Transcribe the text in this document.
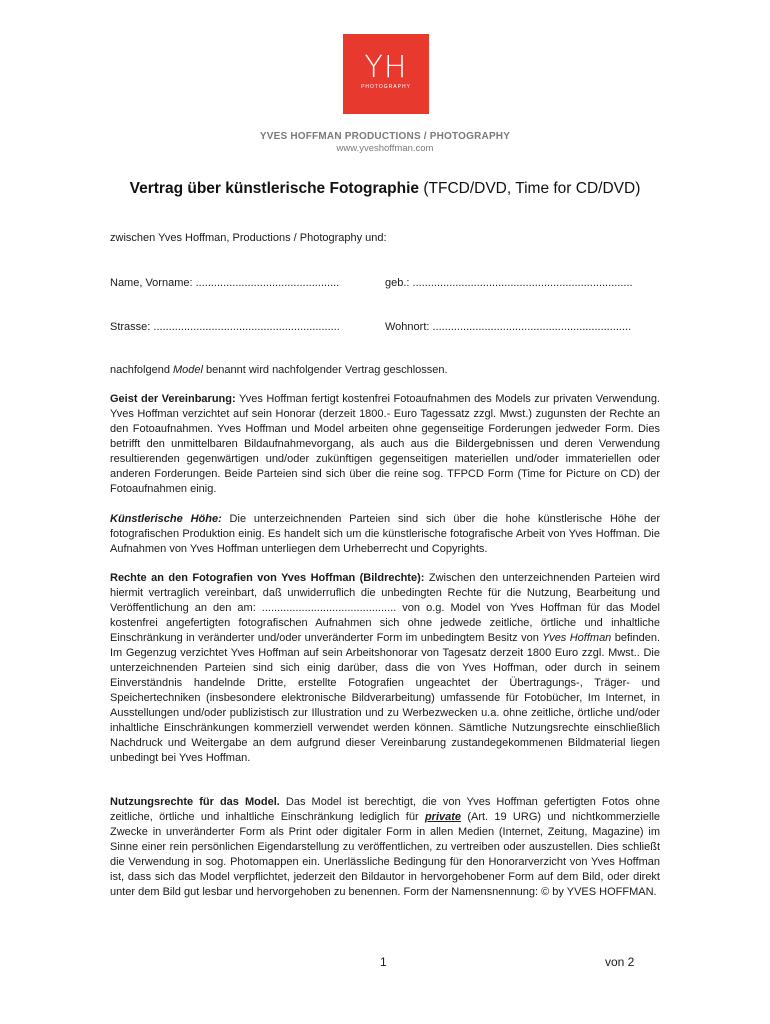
YH
PHOTOGRAPHY
YVES HOFFMAN PRODUCTIONS / PHOTOGRAPHY
www.yveshoffman.com
Vertrag über künstlerische Fotographie (TFCD/DVD, Time for CD/DVD)
zwischen Yves Hoffman, Productions / Photography und:
Name, Vorname: ...............................................	geb.: ........................................................................
Strasse: .............................................................	Wohnort: .................................................................
nachfolgend Model benannt wird nachfolgender Vertrag geschlossen.
Geist der Vereinbarung: Yves Hoffman fertigt kostenfrei Fotoaufnahmen des Models zur privaten Verwendung. Yves Hoffman verzichtet auf sein Honorar (derzeit 1800.- Euro Tagessatz zzgl. Mwst.) zugunsten der Rechte an den Fotoaufnahmen. Yves Hoffman und Model arbeiten ohne gegenseitige Forderungen jedweder Form. Dies betrifft den unmittelbaren Bildaufnahmevorgang, als auch aus die Bildergebnissen und deren Verwendung resultierenden gegenwärtigen und/oder zukünftigen gegenseitigen materiellen und/oder immateriellen oder anderen Forderungen. Beide Parteien sind sich über die reine sog. TFPCD Form (Time for Picture on CD) der Fotoaufnahmen einig.
Künstlerische Höhe: Die unterzeichnenden Parteien sind sich über die hohe künstlerische Höhe der fotografischen Produktion einig. Es handelt sich um die künstlerische fotografische Arbeit von Yves Hoffman. Die Aufnahmen von Yves Hoffman unterliegen dem Urheberrecht und Copyrights.
Rechte an den Fotografien von Yves Hoffman (Bildrechte): Zwischen den unterzeichnenden Parteien wird hiermit vertraglich vereinbart, daß unwiderruflich die unbedingten Rechte für die Nutzung, Bearbeitung und Veröffentlichung an den am: ............................................ von o.g. Model von Yves Hoffman für das Model kostenfrei angefertigten fotografischen Aufnahmen sich ohne jedwede zeitliche, örtliche und inhaltliche Einschränkung in veränderter und/oder unveränderter Form im unbedingtem Besitz von Yves Hoffman befinden. Im Gegenzug verzichtet Yves Hoffman auf sein Arbeitshonorar von Tagesatz derzeit 1800 Euro zzgl. Mwst.. Die unterzeichnenden Parteien sind sich einig darüber, dass die von Yves Hoffman, oder durch in seinem Einverständnis handelnde Dritte, erstellte Fotografien ungeachtet der Übertragungs-, Träger- und Speichertechniken (insbesondere elektronische Bildverarbeitung) umfassende für Fotobücher, Im Internet, in Ausstellungen und/oder publizistisch zur Illustration und zu Werbezwecken u.a. ohne zeitliche, örtliche und/oder inhaltliche Einschränkungen kommerziell verwendet werden können. Sämtliche Nutzungsrechte einschließlich Nachdruck und Weitergabe an dem aufgrund dieser Vereinbarung zustandegekommenen Bildmaterial liegen unbedingt bei Yves Hoffman.
Nutzungsrechte für das Model. Das Model ist berechtigt, die von Yves Hoffman gefertigten Fotos ohne zeitliche, örtliche und inhaltliche Einschränkung lediglich für private (Art. 19 URG) und nichtkommerzielle Zwecke in unveränderter Form als Print oder digitaler Form in allen Medien (Internet, Zeitung, Magazine) im Sinne einer rein persönlichen Eigendarstellung zu veröffentlichen, zu vertreiben oder auszustellen. Dies schließt die Verwendung in sog. Photomappen ein. Unerlässliche Bedingung für den Honorarverzicht von Yves Hoffman ist, dass sich das Model verpflichtet, jederzeit den Bildautor in hervorgehobener Form auf dem Bild, oder direkt unter dem Bild gut lesbar und hervorgehoben zu benennen. Form der Namensnennung: © by YVES HOFFMAN.
1	von 2
